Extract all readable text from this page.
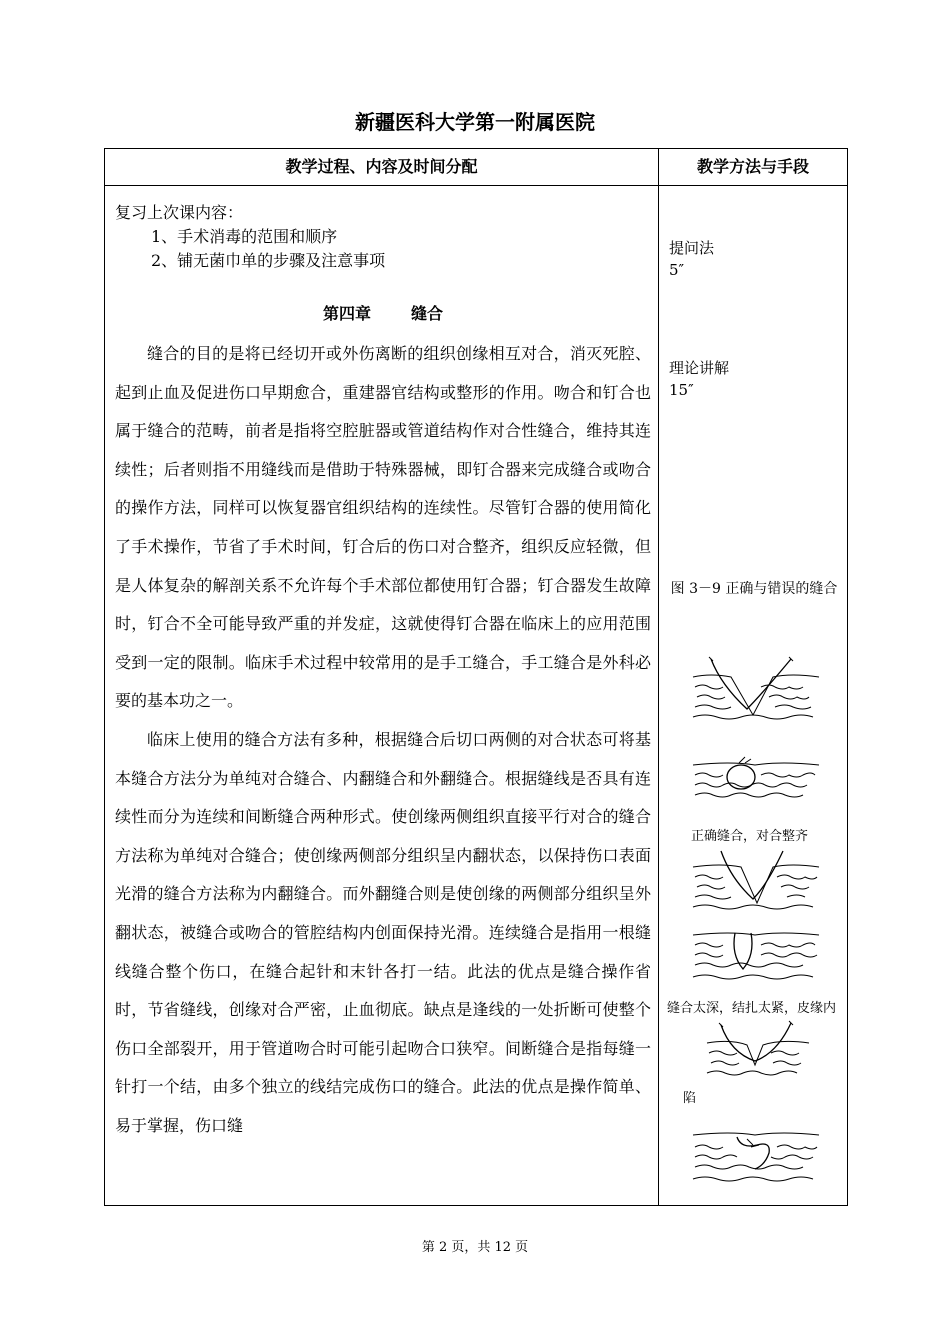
新疆医科大学第一附属医院
教学过程、内容及时间分配	教学方法与手段
复习上次课内容：
1、手术消毒的范围和顺序
2、铺无菌巾单的步骤及注意事项
第四章	缝合

缝合的目的是将已经切开或外伤离断的组织创缘相互对合，消灭死腔、起到止血及促进伤口早期愈合，重建器官结构或整形的作用。吻合和钉合也属于缝合的范畴，前者是指将空腔脏器或管道结构作对合性缝合，维持其连续性；后者则指不用缝线而是借助于特殊器械，即钉合器来完成缝合或吻合的操作方法，同样可以恢复器官组织结构的连续性。尽管钉合器的使用简化了手术操作，节省了手术时间，钉合后的伤口对合整齐，组织反应轻微，但是人体复杂的解剖关系不允许每个手术部位都使用钉合器；钉合器发生故障时，钉合不全可能导致严重的并发症，这就使得钉合器在临床上的应用范围受到一定的限制。临床手术过程中较常用的是手工缝合，手工缝合是外科必要的基本功之一。

临床上使用的缝合方法有多种，根据缝合后切口两侧的对合状态可将基本缝合方法分为单纯对合缝合、内翻缝合和外翻缝合。根据缝线是否具有连续性而分为连续和间断缝合两种形式。使创缘两侧组织直接平行对合的缝合方法称为单纯对合缝合；使创缘两侧部分组织呈内翻状态，以保持伤口表面光滑的缝合方法称为内翻缝合。而外翻缝合则是使创缘的两侧部分组织呈外翻状态，被缝合或吻合的管腔结构内创面保持光滑。连续缝合是指用一根缝线缝合整个伤口，在缝合起针和末针各打一结。此法的优点是缝合操作省时，节省缝线，创缘对合严密，止血彻底。缺点是逢线的一处折断可使整个伤口全部裂开，用于管道吻合时可能引起吻合口狭窄。间断缝合是指每缝一针打一个结，由多个独立的线结完成伤口的缝合。此法的优点是操作简单、易于掌握，伤口缝

提问法
5″
理论讲解
15″
图 3－9 正确与错误的缝合
正确缝合，对合整齐
缝合太深，结扎太紧，皮缘内
陷
第 2 页，共 12 页
